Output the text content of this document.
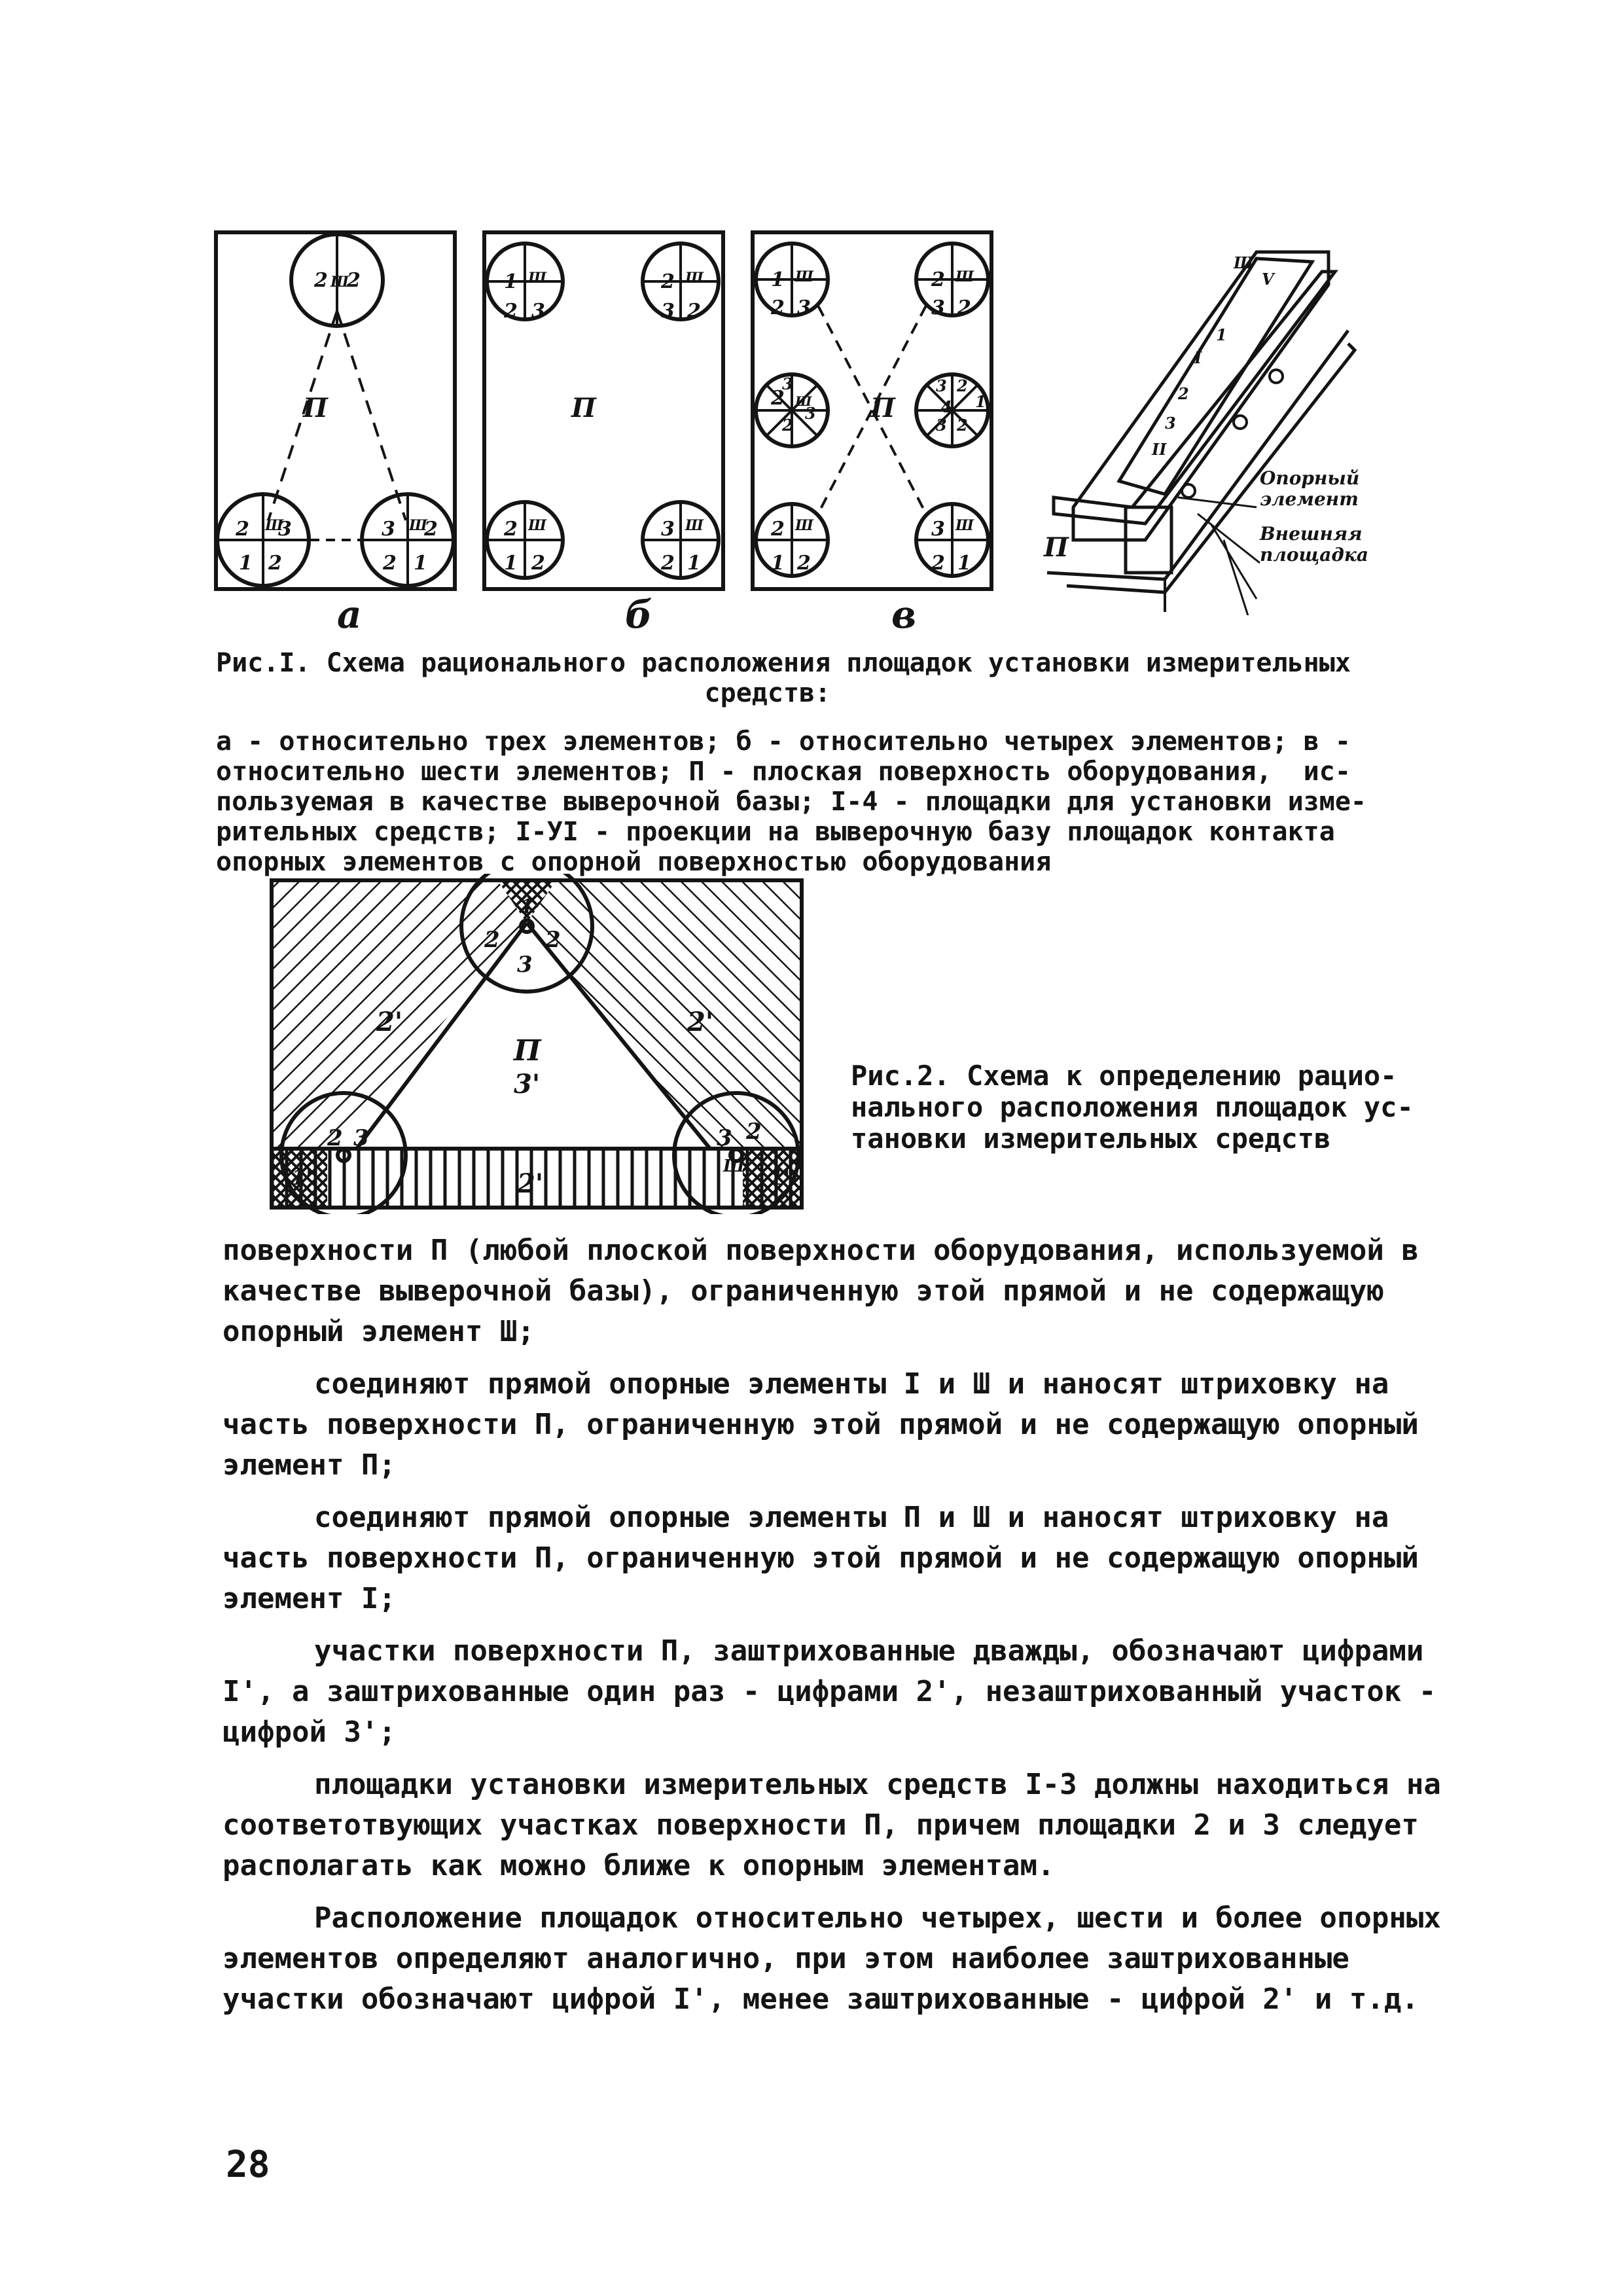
П	П	П
2 Ш
2
2 Ш
3
1 2
3 Ш
2
2 1
1 Ш
2 3
2 Ш
3 2
2 Ш
1 2
3 Ш
2 1
1 Ш
2 3
2 Ш
3 2
2
3
Ш
2
3
3 2
1
4
3 2
2 Ш
1 2
3 Ш
2 1
Ш
I
II
V
1
2
3
П
Опорный элемент
Внешняя площадка
а	б	в
Рис.I. Схема рационального расположения площадок установки измерительных
средств:
а - относительно трех элементов; б - относительно четырех элементов; в -
относительно шести элементов; П - плоская поверхность оборудования,  ис-
пользуемая в качестве выверочной базы; I-4 - площадки для установки изме-
рительных средств; I-УI - проекции на выверочную базу площадок контакта
опорных элементов с опорной поверхностью оборудования
П
3'
2'	2'
2'
2
1
2
3
2 3	3 2
Ш
1'	1'
Рис.2. Схема к определению рацио-
нального расположения площадок ус-
тановки измерительных средств

поверхности П (любой плоской поверхности оборудования, используемой в качестве выверочной базы), ограниченную этой прямой и не содержащую опорный элемент Ш;

соединяют прямой опорные элементы I и Ш и наносят штриховку на часть поверхности П, ограниченную этой прямой и не содержащую опорный элемент П;

соединяют прямой опорные элементы П и Ш и наносят штриховку на часть поверхности П, ограниченную этой прямой и не содержащую опорный элемент I;

участки поверхности П, заштрихованные дважды, обозначают цифрами I', а заштрихованные один раз - цифрами 2', незаштрихованный участок - цифрой 3';

площадки установки измерительных средств I-3 должны находиться на соответотвующих участках поверхности П, причем площадки 2 и 3 следует располагать как можно ближе к опорным элементам.

Расположение площадок относительно четырех, шести и более опорных элементов определяют аналогично, при этом наиболее заштрихованные участки обозначают цифрой I', менее заштрихованные - цифрой 2' и т.д.

28
